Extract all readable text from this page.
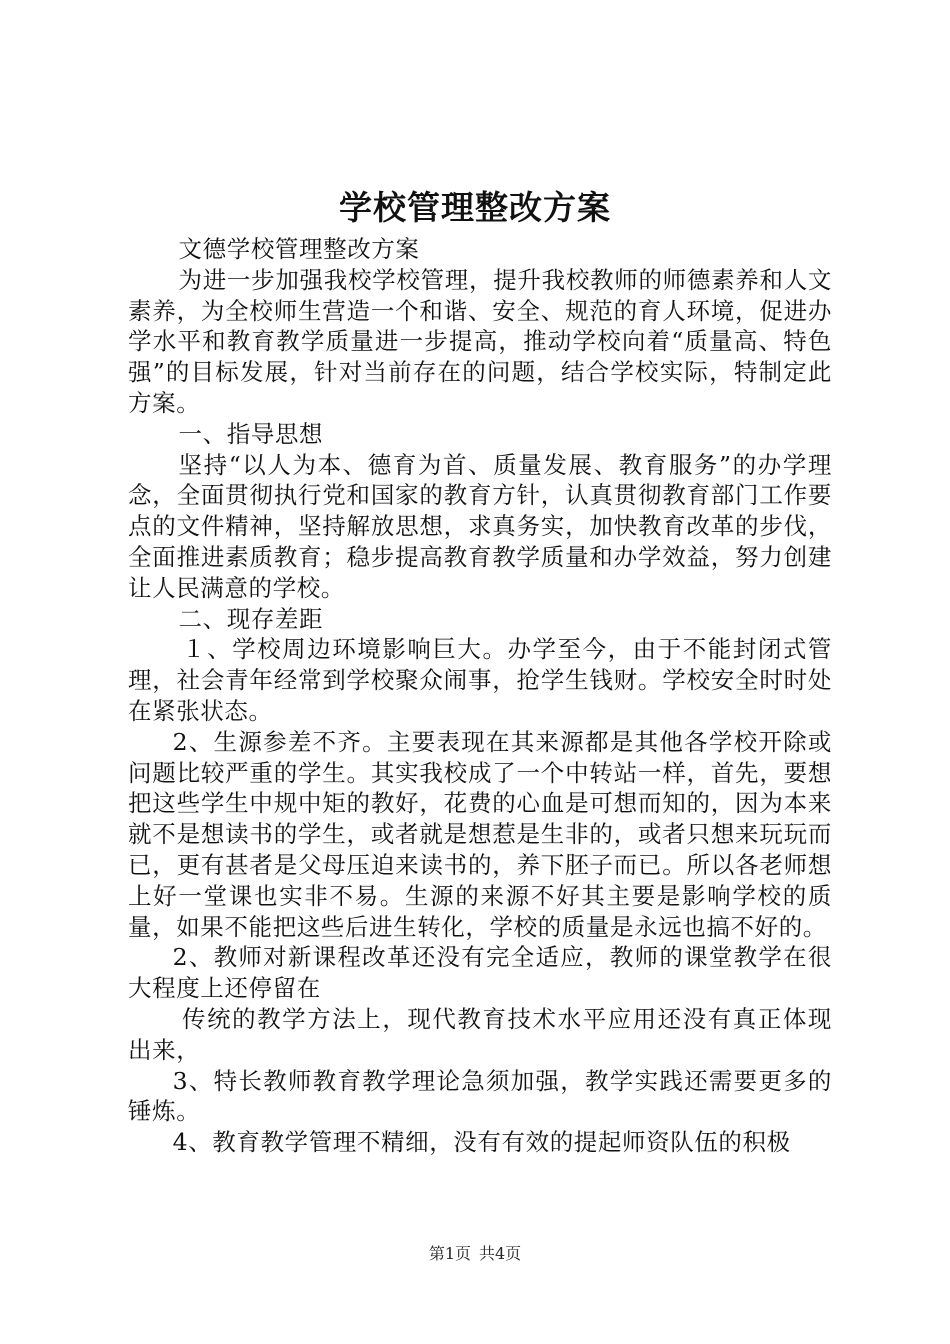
学校管理整改方案

文德学校管理整改方案

为进一步加强我校学校管理，提升我校教师的师德素养和人文素养，为全校师生营造一个和谐、安全、规范的育人环境，促进办学水平和教育教学质量进一步提高，推动学校向着“质量高、特色强”的目标发展，针对当前存在的问题，结合学校实际，特制定此方案。

一、指导思想

坚持“以人为本、德育为首、质量发展、教育服务”的办学理念，全面贯彻执行党和国家的教育方针，认真贯彻教育部门工作要点的文件精神，坚持解放思想，求真务实，加快教育改革的步伐，全面推进素质教育；稳步提高教育教学质量和办学效益，努力创建让人民满意的学校。

二、现存差距

１、学校周边环境影响巨大。办学至今，由于不能封闭式管理，社会青年经常到学校聚众闹事，抢学生钱财。学校安全时时处在紧张状态。

2、生源参差不齐。主要表现在其来源都是其他各学校开除或问题比较严重的学生。其实我校成了一个中转站一样，首先，要想把这些学生中规中矩的教好，花费的心血是可想而知的，因为本来就不是想读书的学生，或者就是想惹是生非的，或者只想来玩玩而已，更有甚者是父母压迫来读书的，养下胚子而已。所以各老师想上好一堂课也实非不易。生源的来源不好其主要是影响学校的质量，如果不能把这些后进生转化，学校的质量是永远也搞不好的。

2、教师对新课程改革还没有完全适应，教师的课堂教学在很大程度上还停留在

传统的教学方法上，现代教育技术水平应用还没有真正体现出来，

3、特长教师教育教学理论急须加强，教学实践还需要更多的锤炼。

4、教育教学管理不精细，没有有效的提起师资队伍的积极

第1页 共4页
